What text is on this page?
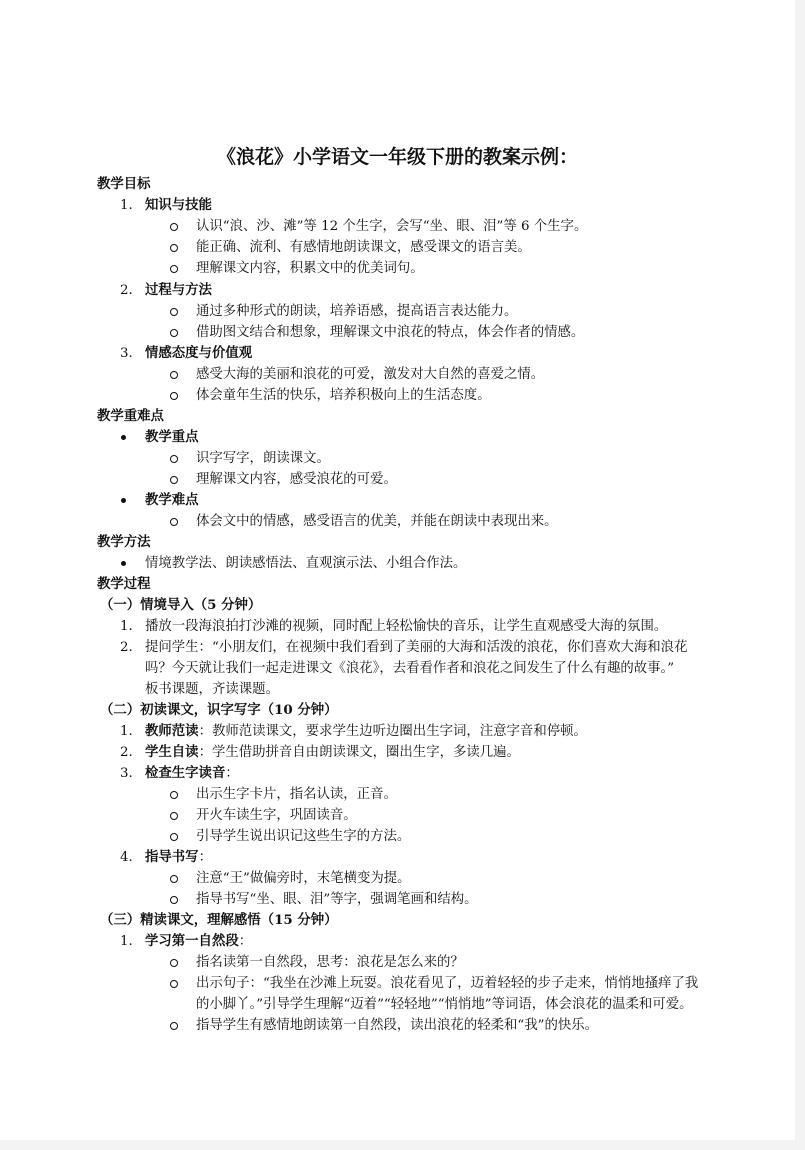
《浪花》小学语文一年级下册的教案示例：
教学目标
1. 知识与技能
认识“浪、沙、滩”等 12 个生字，会写“坐、眼、泪”等 6 个生字。
能正确、流利、有感情地朗读课文，感受课文的语言美。
理解课文内容，积累文中的优美词句。
2. 过程与方法
通过多种形式的朗读，培养语感，提高语言表达能力。
借助图文结合和想象，理解课文中浪花的特点，体会作者的情感。
3. 情感态度与价值观
感受大海的美丽和浪花的可爱，激发对大自然的喜爱之情。
体会童年生活的快乐，培养积极向上的生活态度。
教学重难点
教学重点
识字写字，朗读课文。
理解课文内容，感受浪花的可爱。
教学难点
体会文中的情感，感受语言的优美，并能在朗读中表现出来。
教学方法
情境教学法、朗读感悟法、直观演示法、小组合作法。
教学过程
（一）情境导入（5 分钟）
1. 播放一段海浪拍打沙滩的视频，同时配上轻松愉快的音乐，让学生直观感受大海的氛围。
2. 提问学生：“小朋友们，在视频中我们看到了美丽的大海和活泼的浪花，你们喜欢大海和浪花
吗？今天就让我们一起走进课文《浪花》，去看看作者和浪花之间发生了什么有趣的故事。”
板书课题，齐读课题。
（二）初读课文，识字写字（10 分钟）
1. 教师范读：教师范读课文，要求学生边听边圈出生字词，注意字音和停顿。
2. 学生自读：学生借助拼音自由朗读课文，圈出生字，多读几遍。
3. 检查生字读音：
出示生字卡片，指名认读，正音。
开火车读生字，巩固读音。
引导学生说出识记这些生字的方法。
4. 指导书写：
注意“王”做偏旁时，末笔横变为提。
指导书写“坐、眼、泪”等字，强调笔画和结构。
（三）精读课文，理解感悟（15 分钟）
1. 学习第一自然段：
指名读第一自然段，思考：浪花是怎么来的？
出示句子：“我坐在沙滩上玩耍。浪花看见了，迈着轻轻的步子走来，悄悄地搔痒了我
的小脚丫。”引导学生理解“迈着”“轻轻地”“悄悄地”等词语，体会浪花的温柔和可爱。
指导学生有感情地朗读第一自然段，读出浪花的轻柔和“我”的快乐。
